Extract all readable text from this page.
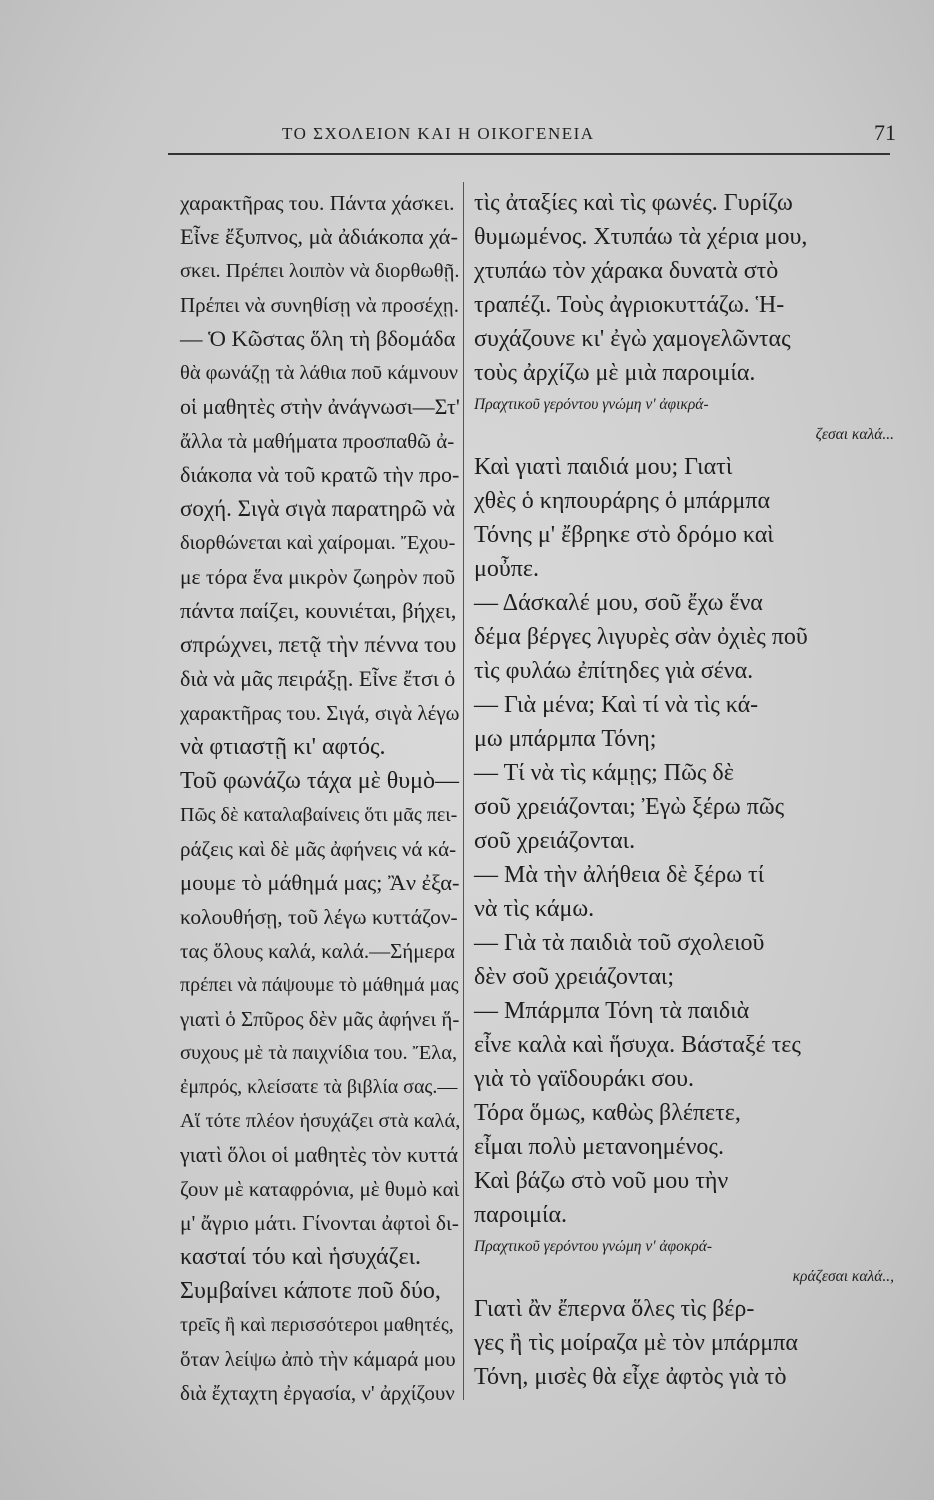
ΤΟ ΣΧΟΛΕΙΟΝ ΚΑΙ Η ΟΙΚΟΓΕΝΕΙΑ	71
χαρακτῆρας του. Πάντα χάσκει.
Εἶνε ἔξυπνος, μὰ ἀδιάκοπα χά-
σκει. Πρέπει λοιπὸν νὰ διορθωθῇ.
Πρέπει νὰ συνηθίσῃ νὰ προσέχῃ.
— Ὁ Κῶστας ὅλη τὴ βδομάδα
θὰ φωνάζῃ τὰ λάθια ποῦ κάμνουν
οἱ μαθητὲς στὴν ἀνάγνωσι—Στ'
ἄλλα τὰ μαθήματα προσπαθῶ ἀ-
διάκοπα νὰ τοῦ κρατῶ τὴν προ-
σοχή. Σιγὰ σιγὰ παρατηρῶ νὰ
διορθώνεται καὶ χαίρομαι. Ἔχου-
με τόρα ἕνα μικρὸν ζωηρὸν ποῦ
πάντα παίζει, κουνιέται, βήχει,
σπρώχνει, πετᾷ τὴν πέννα του
διὰ νὰ μᾶς πειράξῃ. Εἶνε ἔτσι ὁ
χαρακτῆρας του. Σιγά, σιγὰ λέγω
νὰ φτιαστῇ κι' αφτός.
Τοῦ φωνάζω τάχα μὲ θυμὸ—
Πῶς δὲ καταλαβαίνεις ὅτι μᾶς πει-
ράζεις καὶ δὲ μᾶς ἀφήνεις νά κά-
μουμε τὸ μάθημά μας; Ἂν ἐξα-
κολουθήσῃ, τοῦ λέγω κυττάζον-
τας ὅλους καλά, καλά.—Σήμερα
πρέπει νὰ πάψουμε τὸ μάθημά μας
γιατὶ ὁ Σπῦρος δὲν μᾶς ἀφήνει ἥ-
συχους μὲ τὰ παιχνίδια του. Ἔλα,
ἐμπρός, κλείσατε τὰ βιβλία σας.—
Αἵ τότε πλέον ἡσυχάζει στὰ καλά,
γιατὶ ὅλοι οἱ μαθητὲς τὸν κυττά
ζουν μὲ καταφρόνια, μὲ θυμὸ καὶ
μ' ἄγριο μάτι. Γίνονται ἀφτοὶ δι-
κασταί τόυ καὶ ἡσυχάζει.
Συμβαίνει κάποτε ποῦ δύο,
τρεῖς ἢ καὶ περισσότεροι μαθητές,
ὅταν λείψω ἀπὸ τὴν κάμαρά μου
διὰ ἔχταχτη ἐργασία, ν' ἀρχίζουν
τὶς ἀταξίες καὶ τὶς φωνές. Γυρίζω
θυμωμένος. Χτυπάω τὰ χέρια μου,
χτυπάω τὸν χάρακα δυνατὰ στὸ
τραπέζι. Τοὺς ἀγριοκυττάζω. Ἡ-
συχάζουνε κι' ἐγὼ χαμογελῶντας
τοὺς ἀρχίζω μὲ μιὰ παροιμία.
Πραχτικοῦ γερόντου γνώμη ν' ἀφικρά-
ζεσαι καλά...
Καὶ γιατὶ παιδιά μου; Γιατὶ
χθὲς ὁ κηπουράρης ὁ μπάρμπα
Τόνης μ' ἔβρηκε στὸ δρόμο καὶ
μοὖπε.
— Δάσκαλέ μου, σοῦ ἔχω ἕνα
δέμα βέργες λιγυρὲς σὰν ὀχιὲς ποῦ
τὶς φυλάω ἐπίτηδες γιὰ σένα.
— Γιὰ μένα; Καὶ τί νὰ τὶς κά-
μω μπάρμπα Τόνη;
— Τί νὰ τὶς κάμῃς; Πῶς δὲ
σοῦ χρειάζονται; Ἐγὼ ξέρω πῶς
σοῦ χρειάζονται.
— Μὰ τὴν ἀλήθεια δὲ ξέρω τί
νὰ τὶς κάμω.
— Γιὰ τὰ παιδιὰ τοῦ σχολειοῦ
δὲν σοῦ χρειάζονται;
— Μπάρμπα Τόνη τὰ παιδιὰ
εἶνε καλὰ καὶ ἥσυχα. Βάσταξέ τες
γιὰ τὸ γαϊδουράκι σου.
Τόρα ὅμως, καθὼς βλέπετε,
εἶμαι πολὺ μετανοημένος.
Καὶ βάζω στὸ νοῦ μου τὴν
παροιμία.
Πραχτικοῦ γερόντου γνώμη ν' ἀφοκρά-
κράζεσαι καλά..,
Γιατὶ ἂν ἔπερνα ὅλες τὶς βέρ-
γες ἢ τὶς μοίραζα μὲ τὸν μπάρμπα
Τόνη, μισὲς θὰ εἶχε ἀφτὸς γιὰ τὸ
